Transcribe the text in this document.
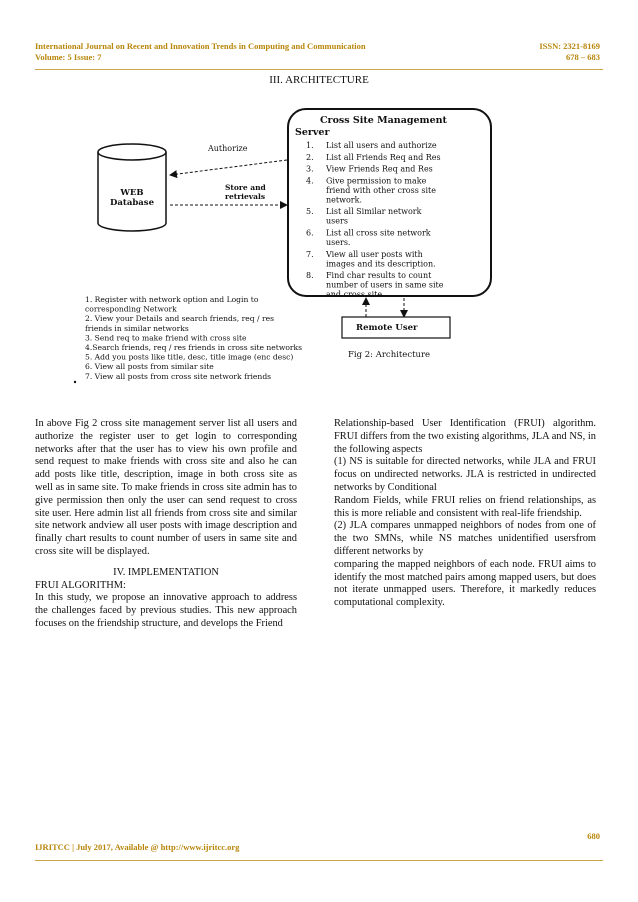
International Journal on Recent and Innovation Trends in Computing and Communication
Volume: 5 Issue: 7
ISSN: 2321-8169
678 – 683
III. ARCHITECTURE
Cross Site Management
Server
1. List all users and authorize
2. List all Friends Req and Res
3. View Friends Req and Res
4. Give permission to make
friend with other cross site
network.
5. List all Similar network
users
6. List all cross site network
users.
7. View all user posts with
images and its description.
8. Find char results to count
number of users in same site
and cross site.
WEB
Database
Authorize
Store and
retrievals
Remote User
Fig 2: Architecture
1. Register with network option and Login to
corresponding Network
2. View your Details and search friends, req / res
friends in similar networks
3. Send req to make friend with cross site
4.Search friends, req / res friends in cross site networks
5. Add you posts like title, desc, title image (enc desc)
6. View all posts from similar site
7. View all posts from cross site network friends

In above Fig 2 cross site management server list all users and authorize the register user to get login to corresponding networks after that the user has to view his own profile and send request to make friends with cross site and also he can add posts like title, description, image in both cross site as well as in same site. To make friends in cross site admin has to give permission then only the user can send request to cross site user. Here admin list all friends from cross site and similar site network andview all user posts with image description and finally chart results to count number of users in same site and cross site will be displayed.

IV. IMPLEMENTATION

FRUI ALGORITHM:

In this study, we propose an innovative approach to address the challenges faced by previous studies. This new approach focuses on the friendship structure, and develops the Friend

Relationship-based User Identification (FRUI) algorithm. FRUI differs from the two existing algorithms, JLA and NS, in the following aspects

(1) NS is suitable for directed networks, while JLA and FRUI focus on undirected networks. JLA is restricted in undirected networks by Conditional

Random Fields, while FRUI relies on friend relationships, as this is more reliable and consistent with real-life friendship.

(2) JLA compares unmapped neighbors of nodes from one of the two SMNs, while NS matches unidentified usersfrom different networks by

comparing the mapped neighbors of each node. FRUI aims to identify the most matched pairs among mapped users, but does not iterate unmapped users. Therefore, it markedly reduces computational complexity.

680
IJRITCC | July 2017, Available @ http://www.ijritcc.org
